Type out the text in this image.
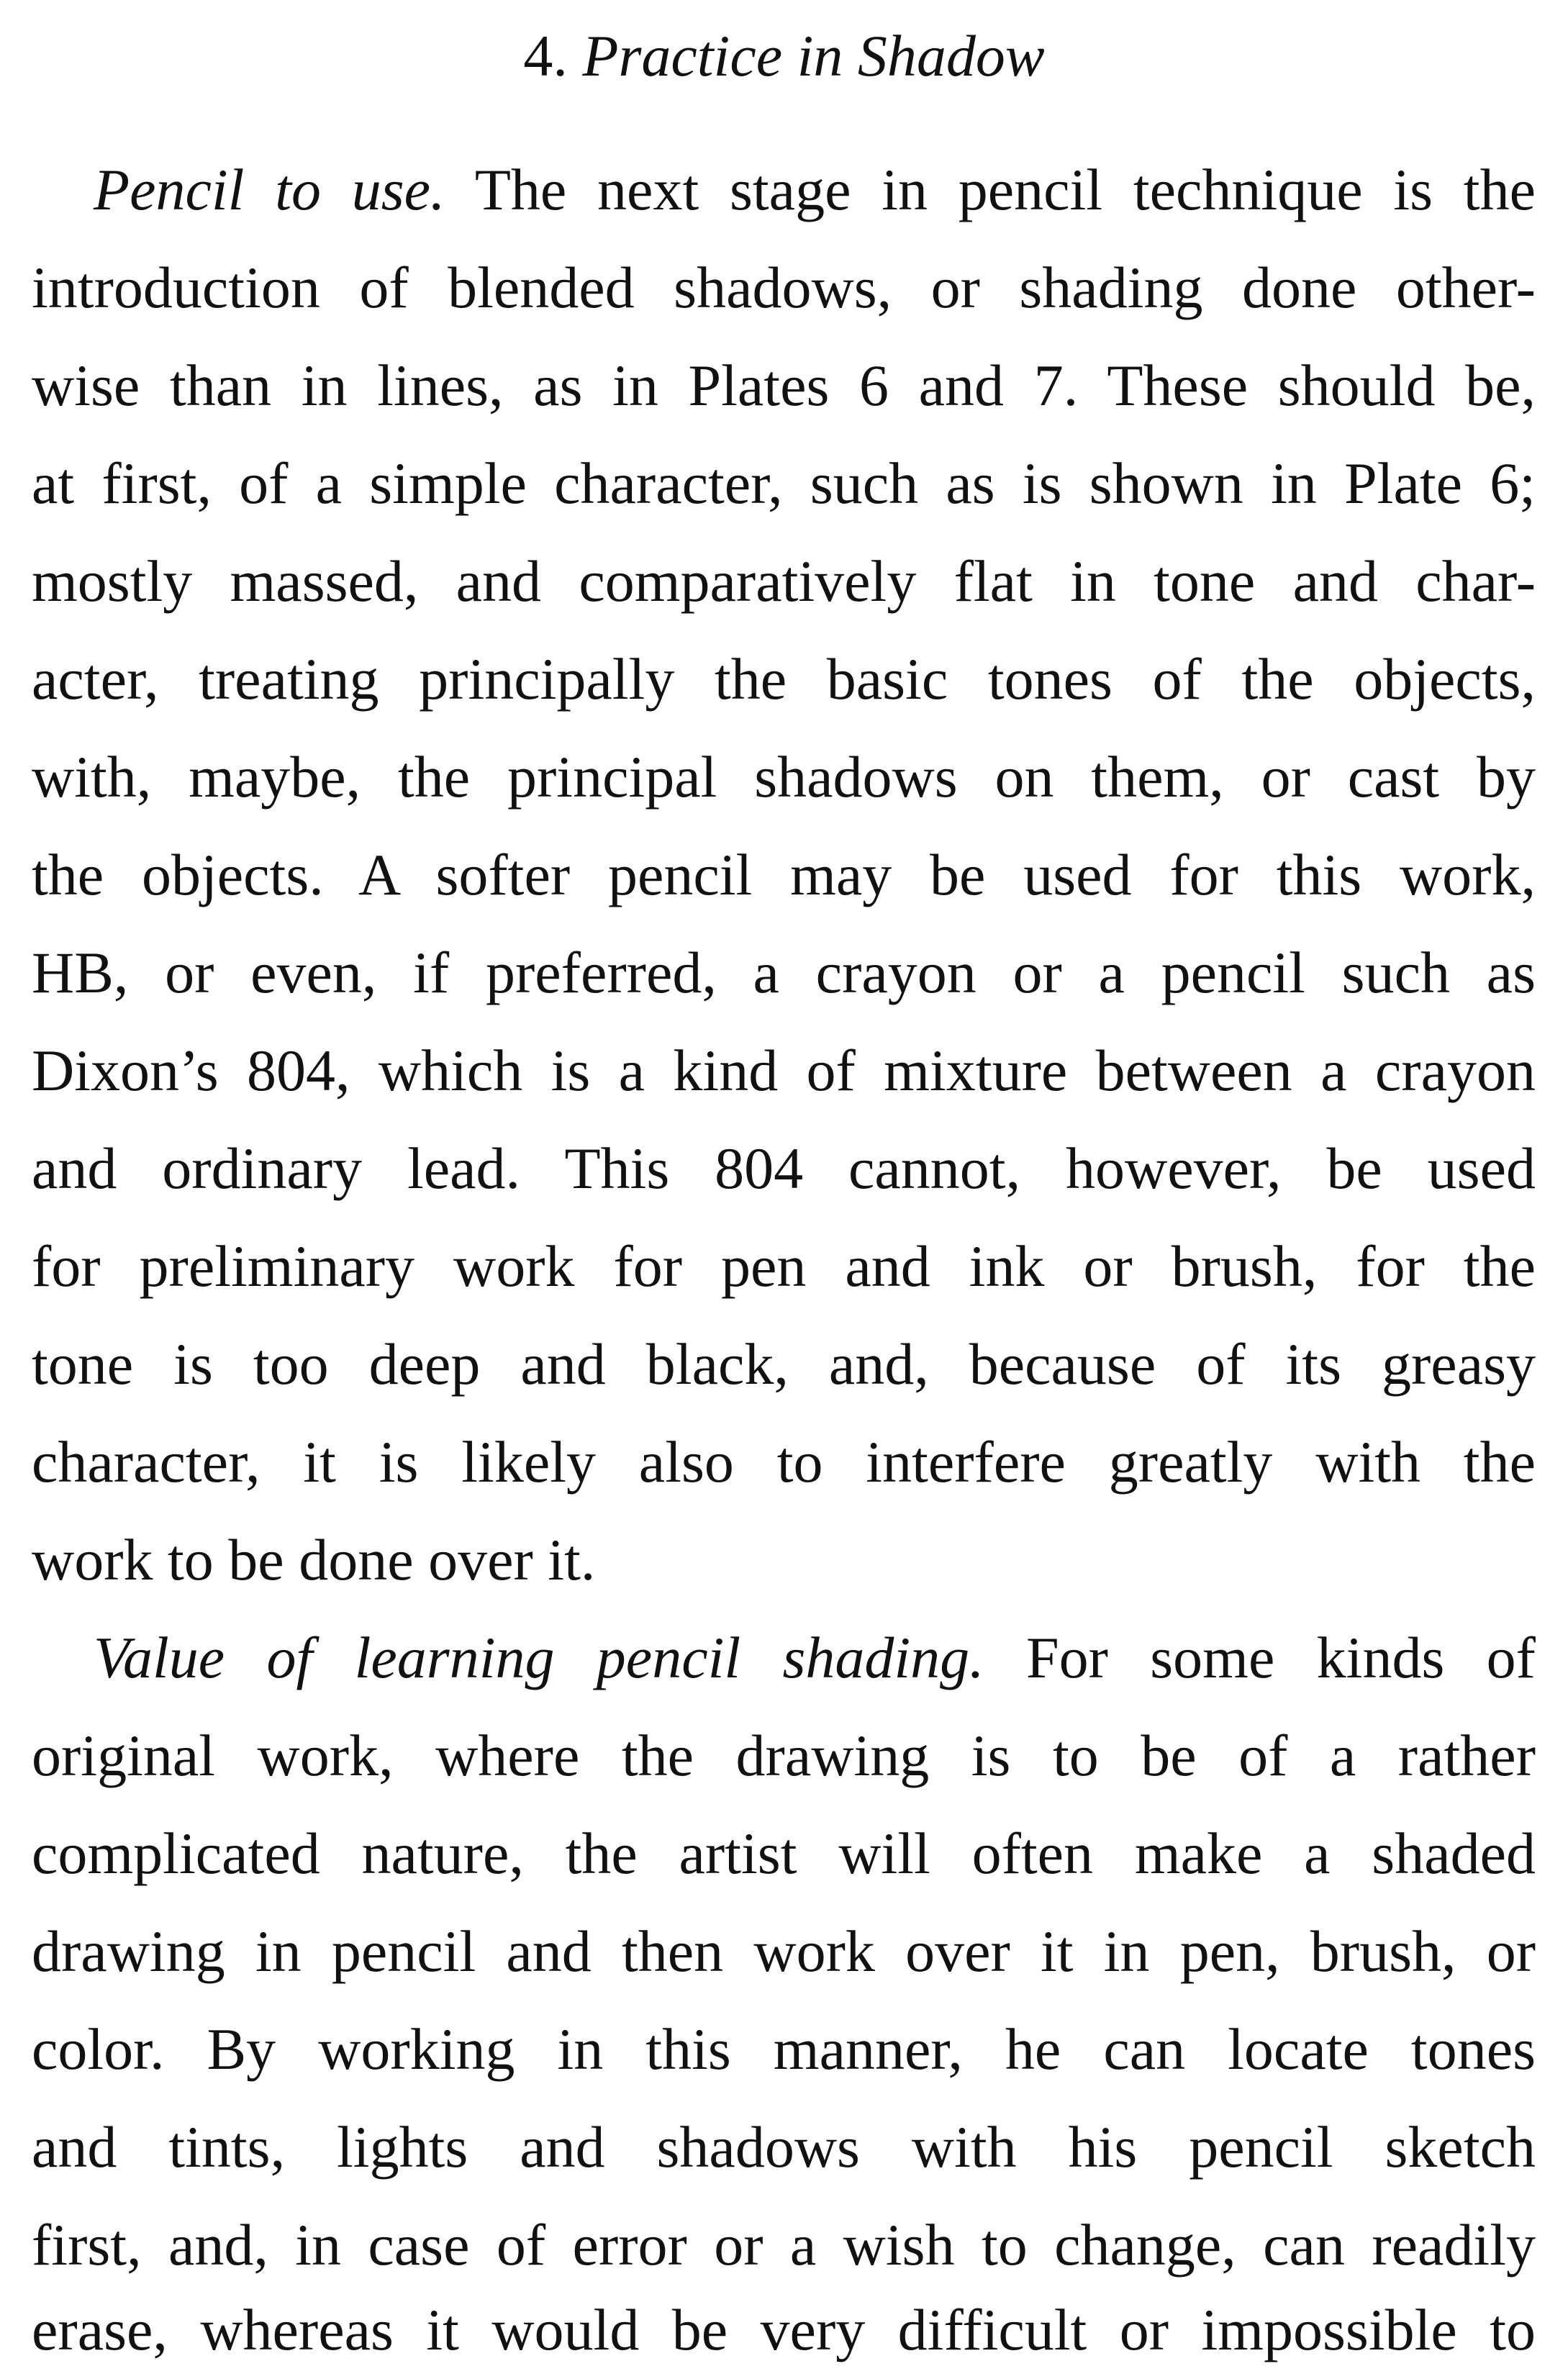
4. Practice in Shadow
Pencil to use. The next stage in pencil technique is the
introduction of blended shadows, or shading done other-
wise than in lines, as in Plates 6 and 7. These should be,
at first, of a simple character, such as is shown in Plate 6;
mostly massed, and comparatively flat in tone and char-
acter, treating principally the basic tones of the objects,
with, maybe, the principal shadows on them, or cast by
the objects. A softer pencil may be used for this work,
HB, or even, if preferred, a crayon or a pencil such as
Dixon’s 804, which is a kind of mixture between a crayon
and ordinary lead. This 804 cannot, however, be used
for preliminary work for pen and ink or brush, for the
tone is too deep and black, and, because of its greasy
character, it is likely also to interfere greatly with the
work to be done over it.
Value of learning pencil shading. For some kinds of
original work, where the drawing is to be of a rather
complicated nature, the artist will often make a shaded
drawing in pencil and then work over it in pen, brush, or
color. By working in this manner, he can locate tones
and tints, lights and shadows with his pencil sketch
first, and, in case of error or a wish to change, can readily
erase, whereas it would be very difficult or impossible to
